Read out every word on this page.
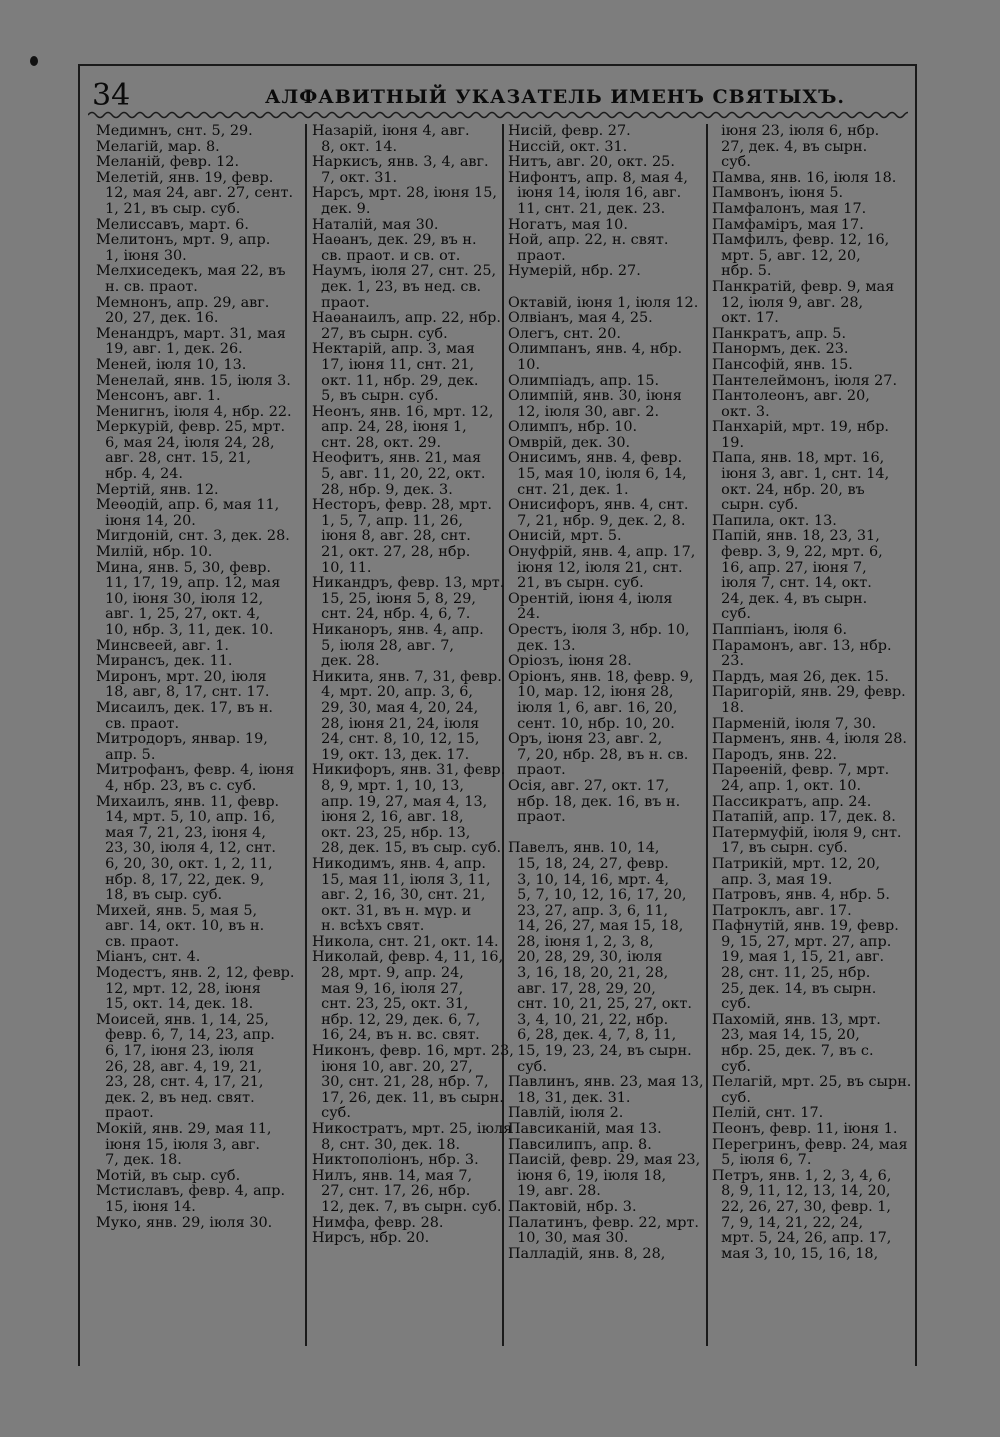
34	АЛФАВИТНЫЙ УКАЗАТЕЛЬ ИМЕНЪ СВЯТЫХЪ.
Медимнъ, снт. 5, 29.
Мелагій, мар. 8.
Меланій, февр. 12.
Мелетій, янв. 19, февр.
12, мая 24, авг. 27, сент.
1, 21, въ сыр. суб.
Мелиссавъ, март. 6.
Мелитонъ, мрт. 9, апр.
1, іюня 30.
Мелхиседекъ, мая 22, въ
н. св. праот.
Мемнонъ, апр. 29, авг.
20, 27, дек. 16.
Менандръ, март. 31, мая
19, авг. 1, дек. 26.
Меней, іюля 10, 13.
Менелай, янв. 15, іюля 3.
Менсонъ, авг. 1.
Менигнъ, іюля 4, нбр. 22.
Меркурій, февр. 25, мрт.
6, мая 24, іюля 24, 28,
авг. 28, снт. 15, 21,
нбр. 4, 24.
Мертій, янв. 12.
Меѳодій, апр. 6, мая 11,
іюня 14, 20.
Мигдоній, снт. 3, дек. 28.
Милій, нбр. 10.
Мина, янв. 5, 30, февр.
11, 17, 19, апр. 12, мая
10, іюня 30, іюля 12,
авг. 1, 25, 27, окт. 4,
10, нбр. 3, 11, дек. 10.
Минсвеей, авг. 1.
Мирансъ, дек. 11.
Миронъ, мрт. 20, іюля
18, авг, 8, 17, снт. 17.
Мисаилъ, дек. 17, въ н.
св. праот.
Митродоръ, январ. 19,
апр. 5.
Митрофанъ, февр. 4, іюня
4, нбр. 23, въ с. суб.
Михаилъ, янв. 11, февр.
14, мрт. 5, 10, апр. 16,
мая 7, 21, 23, іюня 4,
23, 30, іюля 4, 12, снт.
6, 20, 30, окт. 1, 2, 11,
нбр. 8, 17, 22, дек. 9,
18, въ сыр. суб.
Михей, янв. 5, мая 5,
авг. 14, окт. 10, въ н.
св. праот.
Міанъ, снт. 4.
Модестъ, янв. 2, 12, февр.
12, мрт. 12, 28, іюня
15, окт. 14, дек. 18.
Моисей, янв. 1, 14, 25,
февр. 6, 7, 14, 23, апр.
6, 17, іюня 23, іюля
26, 28, авг. 4, 19, 21,
23, 28, снт. 4, 17, 21,
дек. 2, въ нед. свят.
праот.
Мокій, янв. 29, мая 11,
іюня 15, іюля 3, авг.
7, дек. 18.
Мотій, въ сыр. суб.
Мстиславъ, февр. 4, апр.
15, іюня 14.
Муко, янв. 29, іюля 30.
Назарій, іюня 4, авг.
8, окт. 14.
Наркисъ, янв. 3, 4, авг.
7, окт. 31.
Нарсъ, мрт. 28, іюня 15,
дек. 9.
Наталій, мая 30.
Наѳанъ, дек. 29, въ н.
св. праот. и св. от.
Наумъ, іюля 27, снт. 25,
дек. 1, 23, въ нед. св.
праот.
Наѳанаилъ, апр. 22, нбр.
27, въ сырн. суб.
Нектарій, апр. 3, мая
17, іюня 11, снт. 21,
окт. 11, нбр. 29, дек.
5, въ сырн. суб.
Неонъ, янв. 16, мрт. 12,
апр. 24, 28, іюня 1,
снт. 28, окт. 29.
Неофитъ, янв. 21, мая
5, авг. 11, 20, 22, окт.
28, нбр. 9, дек. 3.
Несторъ, февр. 28, мрт.
1, 5, 7, апр. 11, 26,
іюня 8, авг. 28, снт.
21, окт. 27, 28, нбр.
10, 11.
Никандръ, февр. 13, мрт.
15, 25, іюня 5, 8, 29,
снт. 24, нбр. 4, 6, 7.
Никаноръ, янв. 4, апр.
5, іюля 28, авг. 7,
дек. 28.
Никита, янв. 7, 31, февр.
4, мрт. 20, апр. 3, 6,
29, 30, мая 4, 20, 24,
28, іюня 21, 24, іюля
24, снт. 8, 10, 12, 15,
19, окт. 13, дек. 17.
Никифоръ, янв. 31, февр.
8, 9, мрт. 1, 10, 13,
апр. 19, 27, мая 4, 13,
іюня 2, 16, авг. 18,
окт. 23, 25, нбр. 13,
28, дек. 15, въ сыр. суб.
Никодимъ, янв. 4, апр.
15, мая 11, іюля 3, 11,
авг. 2, 16, 30, снт. 21,
окт. 31, въ н. мүр. и
н. всѣхъ свят.
Никола, снт. 21, окт. 14.
Николай, февр. 4, 11, 16,
28, мрт. 9, апр. 24,
мая 9, 16, іюля 27,
снт. 23, 25, окт. 31,
нбр. 12, 29, дек. 6, 7,
16, 24, въ н. вс. свят.
Никонъ, февр. 16, мрт. 23,
іюня 10, авг. 20, 27,
30, снт. 21, 28, нбр. 7,
17, 26, дек. 11, въ сырн.
суб.
Никостратъ, мрт. 25, іюля
8, снт. 30, дек. 18.
Никтополіонъ, нбр. 3.
Нилъ, янв. 14, мая 7,
27, снт. 17, 26, нбр.
12, дек. 7, въ сырн. суб.
Нимфа, февр. 28.
Нирсъ, нбр. 20.
Нисій, февр. 27.
Ниссій, окт. 31.
Нитъ, авг. 20, окт. 25.
Нифонтъ, апр. 8, мая 4,
іюня 14, іюля 16, авг.
11, снт. 21, дек. 23.
Ногатъ, мая 10.
Ной, апр. 22, н. свят.
праот.
Нумерій, нбр. 27.
Октавій, іюня 1, іюля 12.
Олвіанъ, мая 4, 25.
Олегъ, снт. 20.
Олимпанъ, янв. 4, нбр.
10.
Олимпіадъ, апр. 15.
Олимпій, янв. 30, іюня
12, іюля 30, авг. 2.
Олимпъ, нбр. 10.
Омврій, дек. 30.
Онисимъ, янв. 4, февр.
15, мая 10, іюля 6, 14,
снт. 21, дек. 1.
Онисифоръ, янв. 4, снт.
7, 21, нбр. 9, дек. 2, 8.
Онисій, мрт. 5.
Онуфрій, янв. 4, апр. 17,
іюня 12, іюля 21, снт.
21, въ сырн. суб.
Орентій, іюня 4, іюля
24.
Орестъ, іюля 3, нбр. 10,
дек. 13.
Оріозъ, іюня 28.
Оріонъ, янв. 18, февр. 9,
10, мар. 12, іюня 28,
іюля 1, 6, авг. 16, 20,
сент. 10, нбр. 10, 20.
Оръ, іюня 23, авг. 2,
7, 20, нбр. 28, въ н. св.
праот.
Осія, авг. 27, окт. 17,
нбр. 18, дек. 16, въ н.
праот.
Павелъ, янв. 10, 14,
15, 18, 24, 27, февр.
3, 10, 14, 16, мрт. 4,
5, 7, 10, 12, 16, 17, 20,
23, 27, апр. 3, 6, 11,
14, 26, 27, мая 15, 18,
28, іюня 1, 2, 3, 8,
20, 28, 29, 30, іюля
3, 16, 18, 20, 21, 28,
авг. 17, 28, 29, 20,
снт. 10, 21, 25, 27, окт.
3, 4, 10, 21, 22, нбр.
6, 28, дек. 4, 7, 8, 11,
15, 19, 23, 24, въ сырн.
суб.
Павлинъ, янв. 23, мая 13,
18, 31, дек. 31.
Павлій, іюля 2.
Павсиканій, мая 13.
Павсилипъ, апр. 8.
Паисій, февр. 29, мая 23,
іюня 6, 19, іюля 18,
19, авг. 28.
Пактовій, нбр. 3.
Палатинъ, февр. 22, мрт.
10, 30, мая 30.
Палладій, янв. 8, 28,
іюня 23, іюля 6, нбр.
27, дек. 4, въ сырн.
суб.
Памва, янв. 16, іюля 18.
Памвонъ, іюня 5.
Памфалонъ, мая 17.
Памфаміръ, мая 17.
Памфилъ, февр. 12, 16,
мрт. 5, авг. 12, 20,
нбр. 5.
Панкратій, февр. 9, мая
12, іюля 9, авг. 28,
окт. 17.
Панкратъ, апр. 5.
Панормъ, дек. 23.
Пансофій, янв. 15.
Пантелеймонъ, іюля 27.
Пантолеонъ, авг. 20,
окт. 3.
Панхарій, мрт. 19, нбр.
19.
Папа, янв. 18, мрт. 16,
іюня 3, авг. 1, снт. 14,
окт. 24, нбр. 20, въ
сырн. суб.
Папила, окт. 13.
Папій, янв. 18, 23, 31,
февр. 3, 9, 22, мрт. 6,
16, апр. 27, іюня 7,
іюля 7, снт. 14, окт.
24, дек. 4, въ сырн.
суб.
Паппіанъ, іюля 6.
Парамонъ, авг. 13, нбр.
23.
Пардъ, мая 26, дек. 15.
Паригорій, янв. 29, февр.
18.
Парменій, іюля 7, 30.
Парменъ, янв. 4, іюля 28.
Пародъ, янв. 22.
Парѳеній, февр. 7, мрт.
24, апр. 1, окт. 10.
Пассикратъ, апр. 24.
Патапій, апр. 17, дек. 8.
Патермуфій, іюля 9, снт.
17, въ сырн. суб.
Патрикій, мрт. 12, 20,
апр. 3, мая 19.
Патровъ, янв. 4, нбр. 5.
Патроклъ, авг. 17.
Пафнутій, янв. 19, февр.
9, 15, 27, мрт. 27, апр.
19, мая 1, 15, 21, авг.
28, снт. 11, 25, нбр.
25, дек. 14, въ сырн.
суб.
Пахомій, янв. 13, мрт.
23, мая 14, 15, 20,
нбр. 25, дек. 7, въ с.
суб.
Пелагій, мрт. 25, въ сырн.
суб.
Пелій, снт. 17.
Пеонъ, февр. 11, іюня 1.
Перегринъ, февр. 24, мая
5, іюля 6, 7.
Петръ, янв. 1, 2, 3, 4, 6,
8, 9, 11, 12, 13, 14, 20,
22, 26, 27, 30, февр. 1,
7, 9, 14, 21, 22, 24,
мрт. 5, 24, 26, апр. 17,
мая 3, 10, 15, 16, 18,
